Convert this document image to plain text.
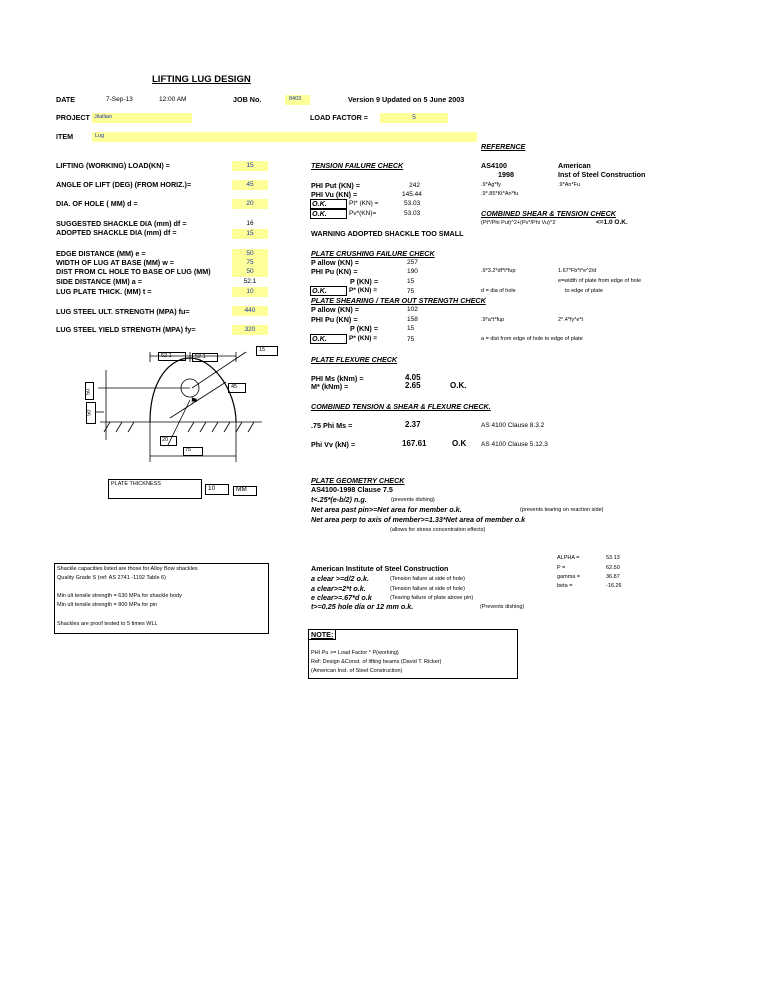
LIFTING LUG DESIGN
DATE	7-Sep-13	12:00 AM	JOB No.	8403	Version 9 Updated on 5 June 2003
PROJECT Jilallian	LOAD FACTOR =	5
ITEM	Lug
REFERENCE
LIFTING (WORKING) LOAD(KN) =	15
ANGLE OF LIFT (DEG) (FROM HORIZ.)=	45
DIA. OF HOLE ( MM) d =	20
SUGGESTED SHACKLE DIA (mm) df =	16
ADOPTED SHACKLE DIA (mm) df =	15
EDGE DISTANCE (MM) e =	50
WIDTH OF LUG AT BASE (MM) w =	75
DIST FROM CL HOLE TO BASE OF LUG (MM)	50
SIDE DISTANCE (MM) a =	52.1
LUG PLATE THICK. (MM) t =	10
LUG STEEL ULT. STRENGTH (MPA) fu=	440
LUG STEEL YIELD STRENGTH (MPA) fy=	320
TENSION FAILURE CHECK	AS4100
1998
American
Inst of Steel Construction
PHI Put (KN) =	242	.9*Ag*fy	.9*An*Fu
PHI Vu (KN) =	145.44	.9*.85*Kt*An*fu
O.K.	Pt* (KN) =	53.03
O.K.	Pv*(KN)=	53.03	COMBINED SHEAR & TENSION CHECK
(Pt*/Phi Put)^2+(Pv*/Phi Vu)^2	<=1.0 O.K.
WARNING ADOPTED SHACKLE TOO SMALL
PLATE CRUSHING FAILURE CHECK
P allow (KN) =	257
PHI Pu (KN) =	190	.9*3.2*df*t*fup	1.67*Fb*t*e^2/d
P (KN) =	15	e=width of plate from edge of hole
O.K.	P* (KN) =	75	d = dia of hole	to edge of plate
PLATE SHEARING / TEAR OUT STRENGTH CHECK
P allow (KN) =	102
PHI Pu (KN) =	158	.9*a*t*fup	2*.4*fy*e*t
P (KN) =	15
O.K.	P* (KN) =	75	a = dist from edge of hole to edge of plate
PLATE FLEXURE CHECK
PHI Ms (kNm) =	4.05
M* (kNm) =	2.65	O.K.
COMBINED TENSION & SHEAR & FLEXURE CHECK.
.75 Phi Ms =	2.37	AS 4100 Clause 8.3.2
Phi Vv (kN) =	167.61	O.K AS 4100 Clause 5.12.3
⚑
52.1	52.1
15
45
50
50
20
75
PLATE THICKNESS
10	MM
PLATE GEOMETRY CHECK
AS4100-1998 Clause 7.5
t<.25*(e-b/2) n.g.	(prevents dishing)
Net area past pin>=Net area for member o.k.	(prevents tearing on reaction side)
Net area perp to axis of member>=1.33*Net area of member o.k
(allows for stress concentration effects)
ALPHA =	53.13
P =	62.50
gamma =	36.87
beta =	-16.26
American Institute of Steel Construction
a clear >=d/2 o.k.	(Tension failure at side of hole)
a clear>=2*t o.k.	(Tension failure at side of hole)
e clear>=.67*d o.k	(Tearing failure of plate above pin)
t>=0.25 hole dia or 12 mm o.k.	(Prevents dishing)
Shackle capacities listed are those for Alloy Bow shackles
Quality Grade S (ref: AS 2741 -1192 Table 6)
Min ult tensile strength = 630 MPa for shackle body
Min ult tensile strength = 800 MPa for pin
Shackles are proof tested to 5 times WLL
NOTE:
PHI Pu >= Load Factor * P(working)
Ref: Design &Const. of lifting beams (David T. Ricker)
(American Inst. of Steel Construction)
